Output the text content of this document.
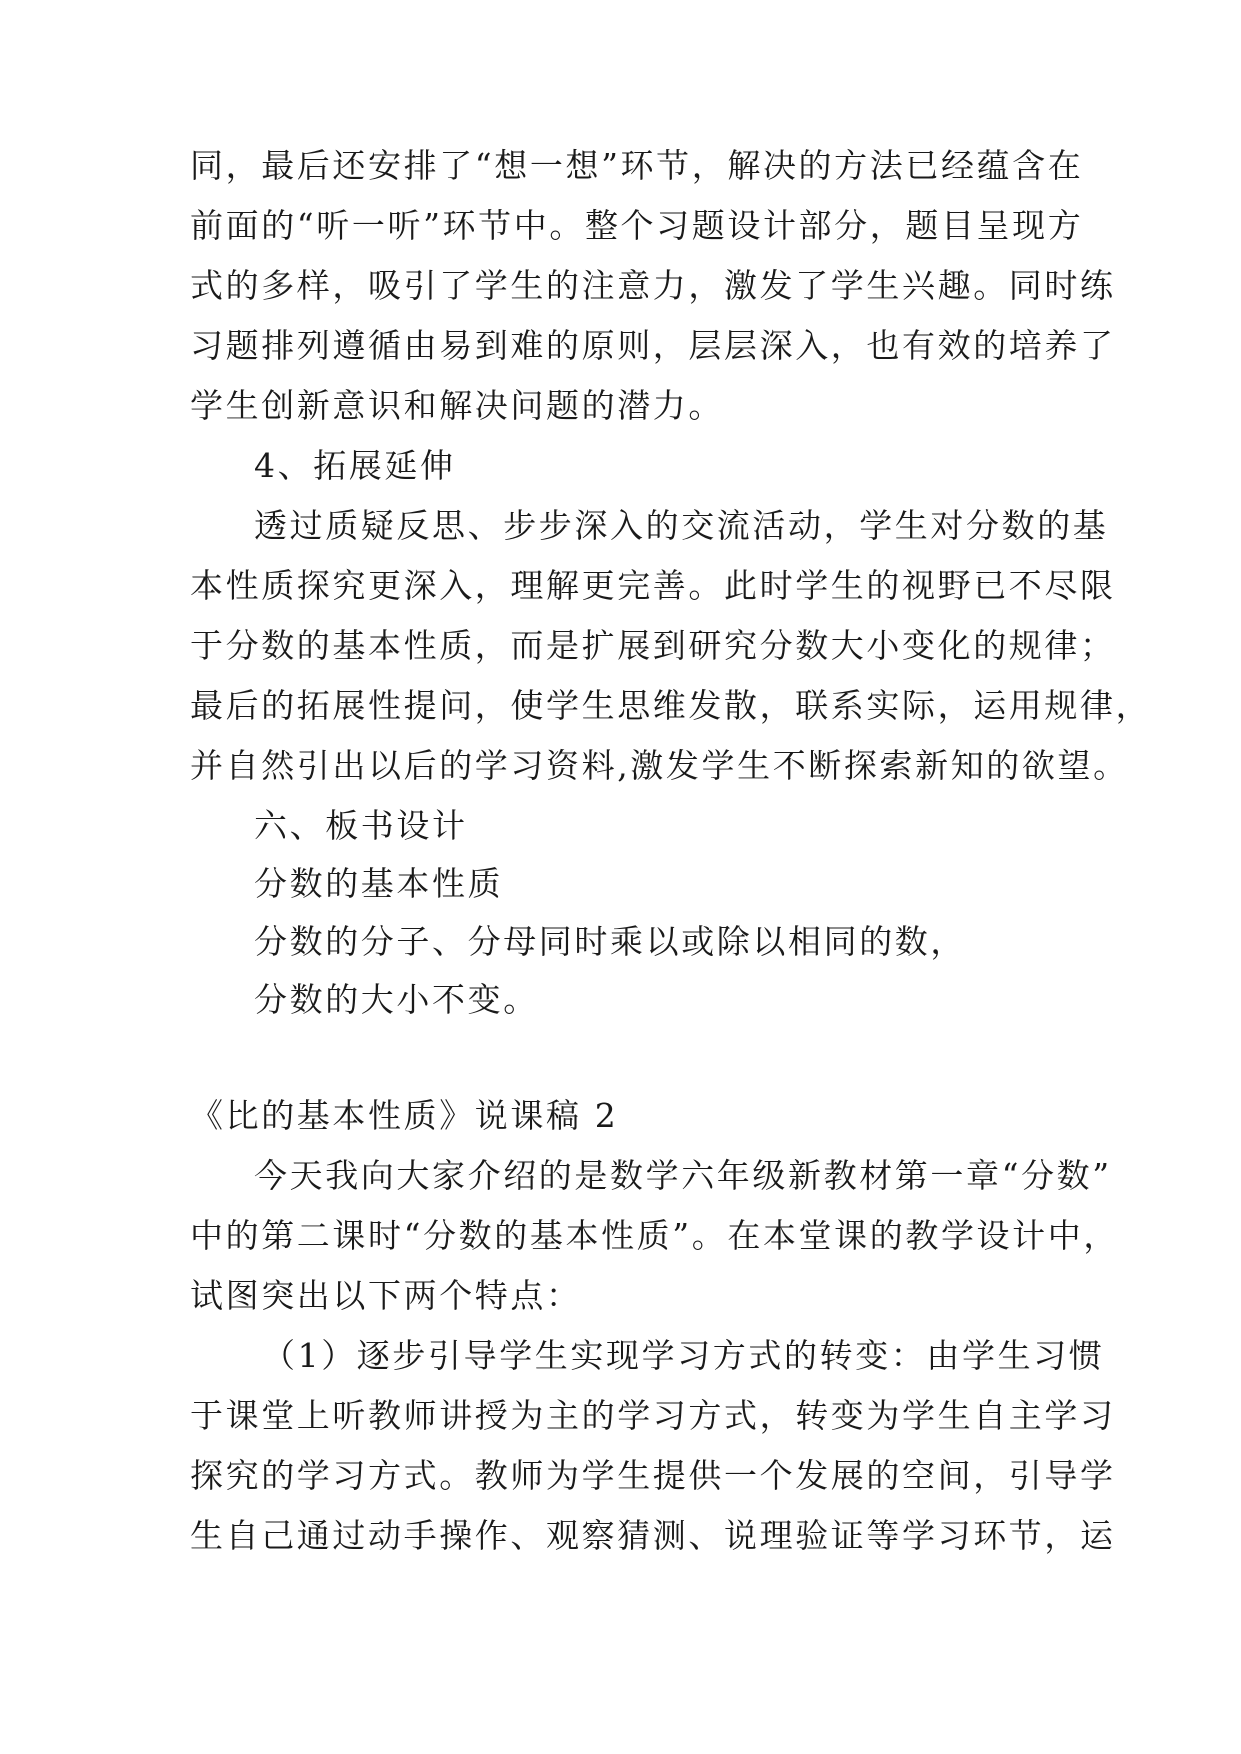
同，最后还安排了“想一想”环节，解决的方法已经蕴含在
前面的“听一听”环节中。整个习题设计部分，题目呈现方
式的多样，吸引了学生的注意力，激发了学生兴趣。同时练
习题排列遵循由易到难的原则，层层深入，也有效的培养了
学生创新意识和解决问题的潜力。
4、拓展延伸
透过质疑反思、步步深入的交流活动，学生对分数的基
本性质探究更深入，理解更完善。此时学生的视野已不尽限
于分数的基本性质，而是扩展到研究分数大小变化的规律；
最后的拓展性提问，使学生思维发散，联系实际，运用规律，
并自然引出以后的学习资料,激发学生不断探索新知的欲望。
六、板书设计
分数的基本性质
分数的分子、分母同时乘以或除以相同的数，
分数的大小不变。
《比的基本性质》说课稿 2
今天我向大家介绍的是数学六年级新教材第一章“分数”
中的第二课时“分数的基本性质”。在本堂课的教学设计中，
试图突出以下两个特点：
（1）逐步引导学生实现学习方式的转变：由学生习惯
于课堂上听教师讲授为主的学习方式，转变为学生自主学习
探究的学习方式。教师为学生提供一个发展的空间，引导学
生自己通过动手操作、观察猜测、说理验证等学习环节，运
